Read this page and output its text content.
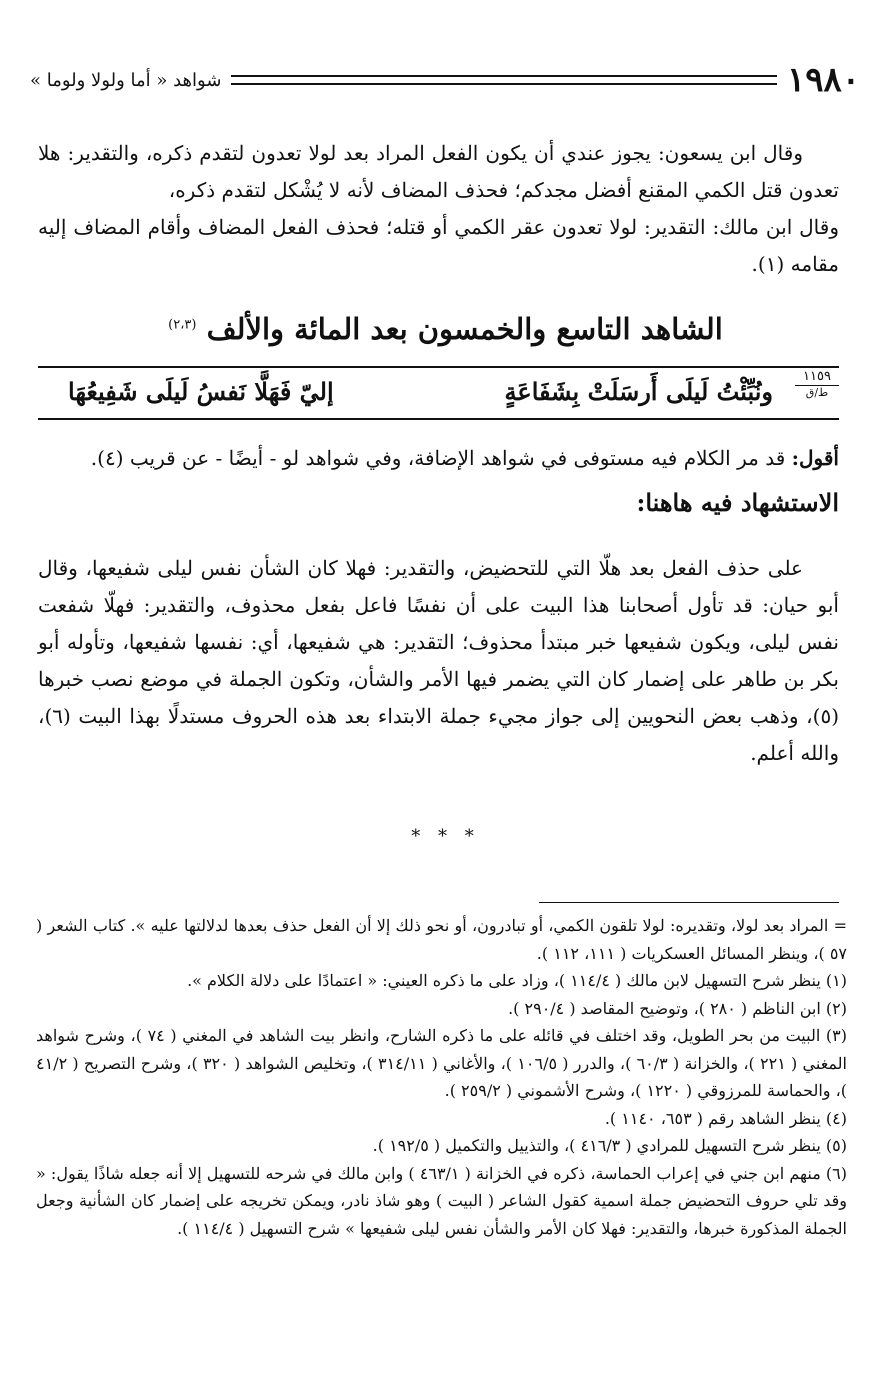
١٩٨٠
شواهد « أما ولولا ولوما »

وقال ابن يسعون: يجوز عندي أن يكون الفعل المراد بعد لولا تعدون لتقدم ذكره، والتقدير: هلا تعدون قتل الكمي المقنع أفضل مجدكم؛ فحذف المضاف لأنه لا يُشْكل لتقدم ذكره،

وقال ابن مالك: التقدير: لولا تعدون عقر الكمي أو قتله؛ فحذف الفعل المضاف وأقام المضاف إليه مقامه (١).

الشاهد التاسع والخمسون بعد المائة والألف $^{(٢،٣)}$
١١٥٩
ط/ق
ونُبِّئْتُ لَيلَى أَرسَلَتْ بِشَفَاعَةٍ
إليّ فَهَلَّا نَفسُ لَيلَى شَفِيعُهَا

أقول: قد مر الكلام فيه مستوفى في شواهد الإضافة، وفي شواهد لو - أيضًا - عن قريب (٤).

الاستشهاد فيه هاهنا:

على حذف الفعل بعد هلّا التي للتحضيض، والتقدير: فهلا كان الشأن نفس ليلى شفيعها، وقال أبو حيان: قد تأول أصحابنا هذا البيت على أن نفسًا فاعل بفعل محذوف، والتقدير: فهلّا شفعت نفس ليلى، ويكون شفيعها خبر مبتدأ محذوف؛ التقدير: هي شفيعها، أي: نفسها شفيعها، وتأوله أبو بكر بن طاهر على إضمار كان التي يضمر فيها الأمر والشأن، وتكون الجملة في موضع نصب خبرها (٥)، وذهب بعض النحويين إلى جواز مجيء جملة الابتداء بعد هذه الحروف مستدلًا بهذا البيت (٦)، والله أعلم.

* * *

= المراد بعد لولا، وتقديره: لولا تلقون الكمي، أو تبادرون، أو نحو ذلك إلا أن الفعل حذف بعدها لدلالتها عليه ». كتاب الشعر ( ٥٧ )، وينظر المسائل العسكريات ( ١١١، ١١٢ ).

(١) ينظر شرح التسهيل لابن مالك ( ١١٤/٤ )، وزاد على ما ذكره العيني: « اعتمادًا على دلالة الكلام ».

(٢) ابن الناظم ( ٢٨٠ )، وتوضيح المقاصد ( ٢٩٠/٤ ).

(٣) البيت من بحر الطويل، وقد اختلف في قائله على ما ذكره الشارح، وانظر بيت الشاهد في المغني ( ٧٤ )، وشرح شواهد المغني ( ٢٢١ )، والخزانة ( ٦٠/٣ )، والدرر ( ١٠٦/٥ )، والأغاني ( ٣١٤/١١ )، وتخليص الشواهد ( ٣٢٠ )، وشرح التصريح ( ٤١/٢ )، والحماسة للمرزوقي ( ١٢٢٠ )، وشرح الأشموني ( ٢٥٩/٢ ).

(٤) ينظر الشاهد رقم ( ٦٥٣، ١١٤٠ ).

(٥) ينظر شرح التسهيل للمرادي ( ٤١٦/٣ )، والتذييل والتكميل ( ١٩٢/٥ ).

(٦) منهم ابن جني في إعراب الحماسة، ذكره في الخزانة ( ٤٦٣/١ ) وابن مالك في شرحه للتسهيل إلا أنه جعله شاذًا يقول: « وقد تلي حروف التحضيض جملة اسمية كقول الشاعر ( البيت ) وهو شاذ نادر، ويمكن تخريجه على إضمار كان الشأنية وجعل الجملة المذكورة خبرها، والتقدير: فهلا كان الأمر والشأن نفس ليلى شفيعها » شرح التسهيل ( ١١٤/٤ ).
